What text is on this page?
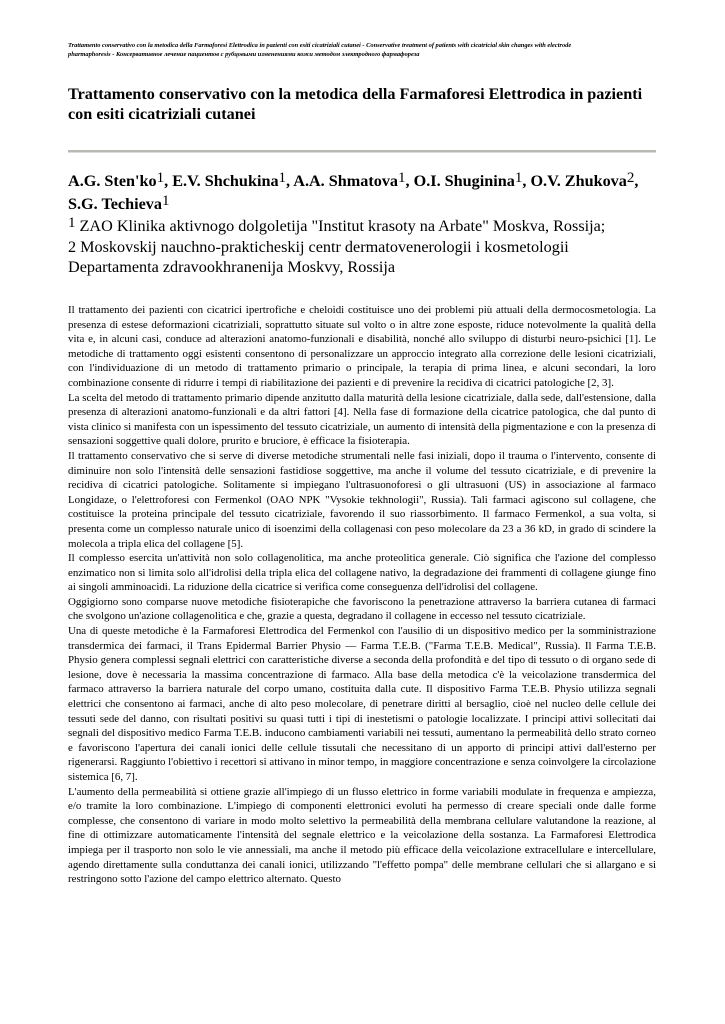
Trattamento conservativo con la metodica della Farmaforesi Elettrodica in pazienti con esiti cicatriziali cutanei - Conservative treatment of patients with cicatricial skin changes with electrode
pharmaphoresis - Консервативное лечение пациентов с рубцовыми изменениями кожи методом электродного фармафореза
Trattamento conservativo con la metodica della Farmaforesi Elettrodica in pazienti con esiti cicatriziali cutanei
A.G. $Sten'ko^1$, E.V. Shchukina$^1$, A.A. Shmatova$^1$, O.I. Shuginina$^1$, O.V. Zhukova$^2$, S.G. Techieva$^1$
$^1$ ZAO Klinika aktivnogo dolgoletija "Institut krasoty na Arbate" Moskva, Rossija;
2 Moskovskij nauchno-prakticheskij centr dermatovenerologii i kosmetologii
Departamenta zdravookhranenija Moskvy, Rossija

Il trattamento dei pazienti con cicatrici ipertrofiche e cheloidi costituisce uno dei problemi più attuali della dermocosmetologia. La presenza di estese deformazioni cicatriziali, soprattutto situate sul volto o in altre zone esposte, riduce notevolmente la qualità della vita e, in alcuni casi, conduce ad alterazioni anatomo-funzionali e disabilità, nonché allo sviluppo di disturbi neuro-psichici [1]. Le metodiche di trattamento oggi esistenti consentono di personalizzare un approccio integrato alla correzione delle lesioni cicatriziali, con l'individuazione di un metodo di trattamento primario o principale, la terapia di prima linea, e alcuni secondari, la loro combinazione consente di ridurre i tempi di riabilitazione dei pazienti e di prevenire la recidiva di cicatrici patologiche [2, 3].

La scelta del metodo di trattamento primario dipende anzitutto dalla maturità della lesione cicatriziale, dalla sede, dall'estensione, dalla presenza di alterazioni anatomo-funzionali e da altri fattori [4]. Nella fase di formazione della cicatrice patologica, che dal punto di vista clinico si manifesta con un ispessimento del tessuto cicatriziale, un aumento di intensità della pigmentazione e con la presenza di sensazioni soggettive quali dolore, prurito e bruciore, è efficace la fisioterapia.

Il trattamento conservativo che si serve di diverse metodiche strumentali nelle fasi iniziali, dopo il trauma o l'intervento, consente di diminuire non solo l'intensità delle sensazioni fastidiose soggettive, ma anche il volume del tessuto cicatriziale, e di prevenire la recidiva di cicatrici patologiche. Solitamente si impiegano l'ultrasuonoforesi o gli ultrasuoni (US) in associazione al farmaco Longidaze, o l'elettroforesi con Fermenkol (OAO NPK "Vysokie tekhnologii", Russia). Tali farmaci agiscono sul collagene, che costituisce la proteina principale del tessuto cicatriziale, favorendo il suo riassorbimento. Il farmaco Fermenkol, a sua volta, si presenta come un complesso naturale unico di isoenzimi della collagenasi con peso molecolare da 23 a 36 kD, in grado di scindere la molecola a tripla elica del collagene [5].

Il complesso esercita un'attività non solo collagenolitica, ma anche proteolitica generale. Ciò significa che l'azione del complesso enzimatico non si limita solo all'idrolisi della tripla elica del collagene nativo, la degradazione dei frammenti di collagene giunge fino ai singoli amminoacidi. La riduzione della cicatrice si verifica come conseguenza dell'idrolisi del collagene.

Oggigiorno sono comparse nuove metodiche fisioterapiche che favoriscono la penetrazione attraverso la barriera cutanea di farmaci che svolgono un'azione collagenolitica e che, grazie a questa, degradano il collagene in eccesso nel tessuto cicatriziale.

Una di queste metodiche è la Farmaforesi Elettrodica del Fermenkol con l'ausilio di un dispositivo medico per la somministrazione transdermica dei farmaci, il Trans Epidermal Barrier Physio — Farma T.E.B. ("Farma T.E.B. Medical", Russia). Il Farma T.E.B. Physio genera complessi segnali elettrici con caratteristiche diverse a seconda della profondità e del tipo di tessuto o di organo sede di lesione, dove è necessaria la massima concentrazione di farmaco. Alla base della metodica c'è la veicolazione transdermica del farmaco attraverso la barriera naturale del corpo umano, costituita dalla cute. Il dispositivo Farma T.E.B. Physio utilizza segnali elettrici che consentono ai farmaci, anche di alto peso molecolare, di penetrare diritti al bersaglio, cioè nel nucleo delle cellule dei tessuti sede del danno, con risultati positivi su quasi tutti i tipi di inestetismi o patologie localizzate. I principi attivi sollecitati dai segnali del dispositivo medico Farma T.E.B. inducono cambiamenti variabili nei tessuti, aumentano la permeabilità dello strato corneo e favoriscono l'apertura dei canali ionici delle cellule tissutali che necessitano di un apporto di principi attivi dall'esterno per rigenerarsi. Raggiunto l'obiettivo i recettori si attivano in minor tempo, in maggiore concentrazione e senza coinvolgere la circolazione sistemica [6, 7].

L'aumento della permeabilità si ottiene grazie all'impiego di un flusso elettrico in forme variabili modulate in frequenza e ampiezza, e/o tramite la loro combinazione. L'impiego di componenti elettronici evoluti ha permesso di creare speciali onde dalle forme complesse, che consentono di variare in modo molto selettivo la permeabilità della membrana cellulare valutandone la reazione, al fine di ottimizzare automaticamente l'intensità del segnale elettrico e la veicolazione della sostanza. La Farmaforesi Elettrodica impiega per il trasporto non solo le vie annessiali, ma anche il metodo più efficace della veicolazione extracellulare e intercellulare, agendo direttamente sulla conduttanza dei canali ionici, utilizzando "l'effetto pompa" delle membrane cellulari che si allargano e si restringono sotto l'azione del campo elettrico alternato. Questo
